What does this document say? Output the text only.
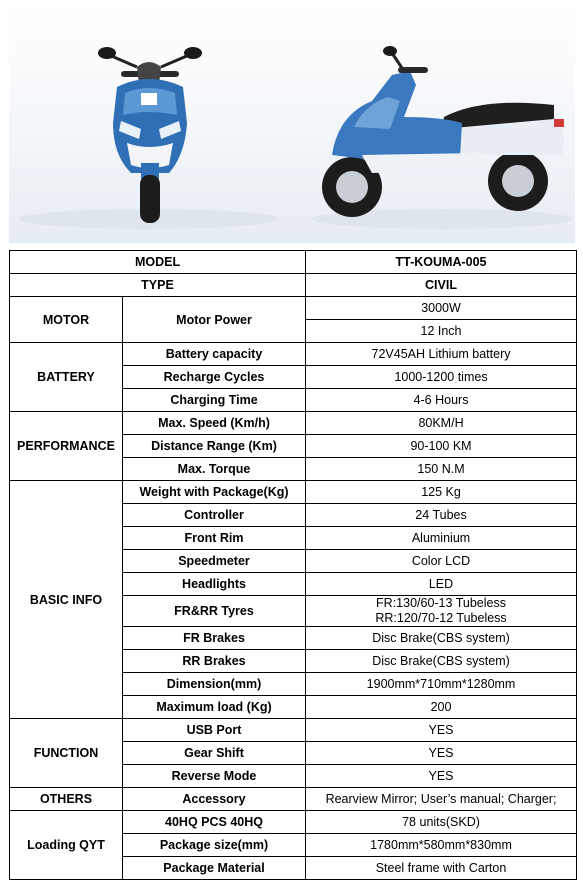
MODEL		TT-KOUMA-005
TYPE		CIVIL
MOTOR	Motor Power	3000W
		12 Inch
BATTERY	Battery capacity	72V45AH Lithium battery
	Recharge Cycles	1000-1200 times
	Charging Time	4-6 Hours
PERFORMANCE	Max. Speed (Km/h)	80KM/H
	Distance Range (Km)	90-100 KM
	Max. Torque	150 N.M
BASIC INFO	Weight with Package(Kg)	125 Kg
	Controller	24 Tubes
	Front Rim	Aluminium
	Speedmeter	Color LCD
	Headlights	LED
	FR&RR Tyres	FR:130/60-13 Tubeless
RR:120/70-12 Tubeless

	FR Brakes	Disc Brake(CBS system)
	RR Brakes	Disc Brake(CBS system)
	Dimension(mm)	1900mm*710mm*1280mm
	Maximum load (Kg)	200
FUNCTION	USB Port	YES
	Gear Shift	YES
	Reverse Mode	YES
OTHERS	Accessory	Rearview Mirror; User’s manual; Charger;
Loading QYT	40HQ PCS 40HQ	78 units(SKD)
	Package size(mm)	1780mm*580mm*830mm
	Package Material	Steel frame with Carton
